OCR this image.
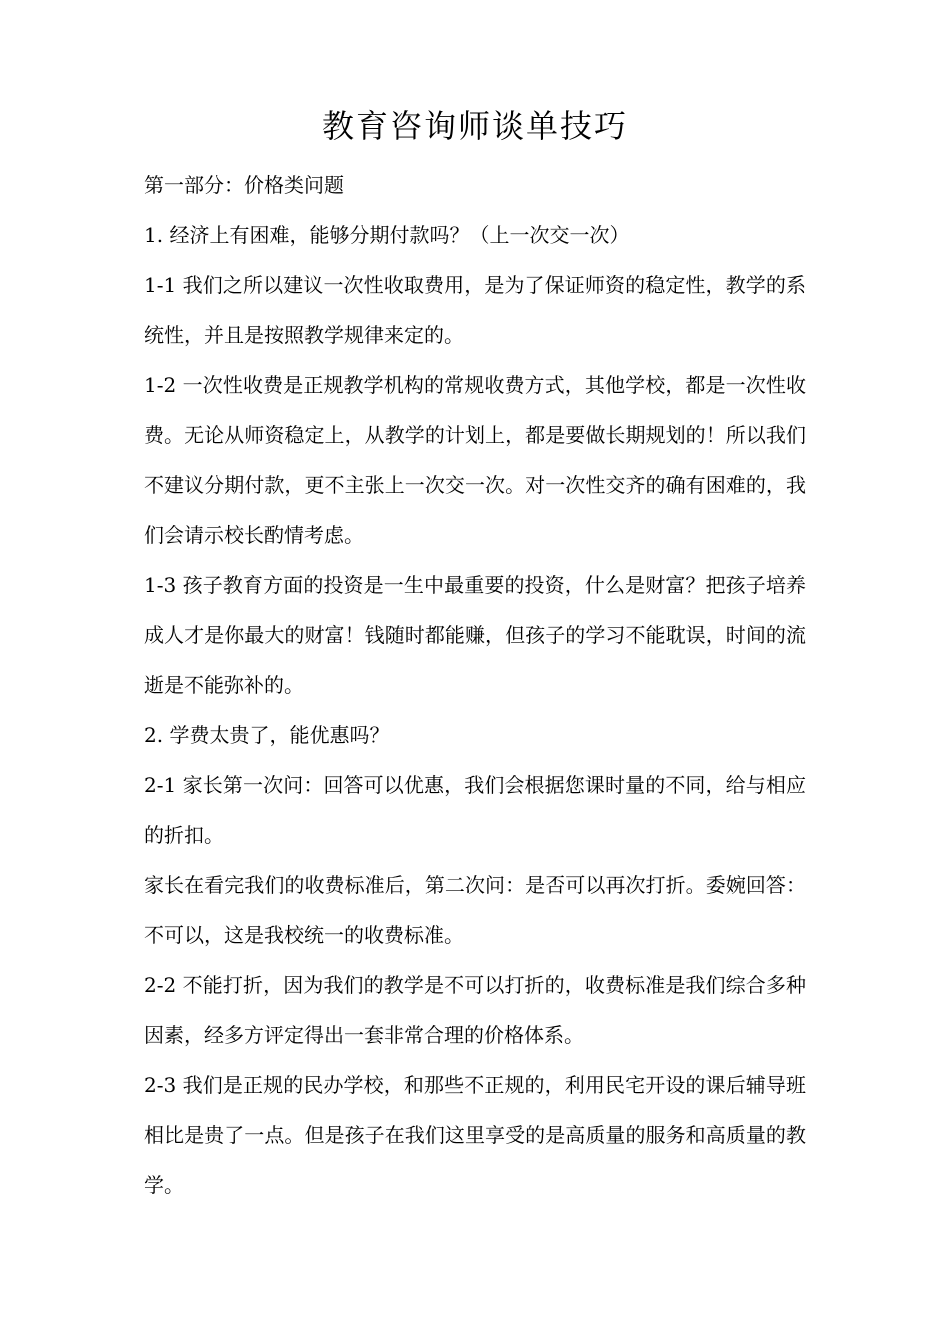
教育咨询师谈单技巧

第一部分：价格类问题

1. 经济上有困难，能够分期付款吗？（上一次交一次）

1-1 我们之所以建议一次性收取费用，是为了保证师资的稳定性，教学的系统性，并且是按照教学规律来定的。

1-2 一次性收费是正规教学机构的常规收费方式，其他学校，都是一次性收费。无论从师资稳定上，从教学的计划上，都是要做长期规划的！所以我们不建议分期付款，更不主张上一次交一次。对一次性交齐的确有困难的，我们会请示校长酌情考虑。

1-3 孩子教育方面的投资是一生中最重要的投资，什么是财富？把孩子培养成人才是你最大的财富！钱随时都能赚，但孩子的学习不能耽误，时间的流逝是不能弥补的。

2. 学费太贵了，能优惠吗？

2-1 家长第一次问：回答可以优惠，我们会根据您课时量的不同，给与相应的折扣。

家长在看完我们的收费标准后，第二次问：是否可以再次打折。委婉回答：不可以，这是我校统一的收费标准。

2-2 不能打折，因为我们的教学是不可以打折的，收费标准是我们综合多种因素，经多方评定得出一套非常合理的价格体系。

2-3 我们是正规的民办学校，和那些不正规的，利用民宅开设的课后辅导班相比是贵了一点。但是孩子在我们这里享受的是高质量的服务和高质量的教学。
